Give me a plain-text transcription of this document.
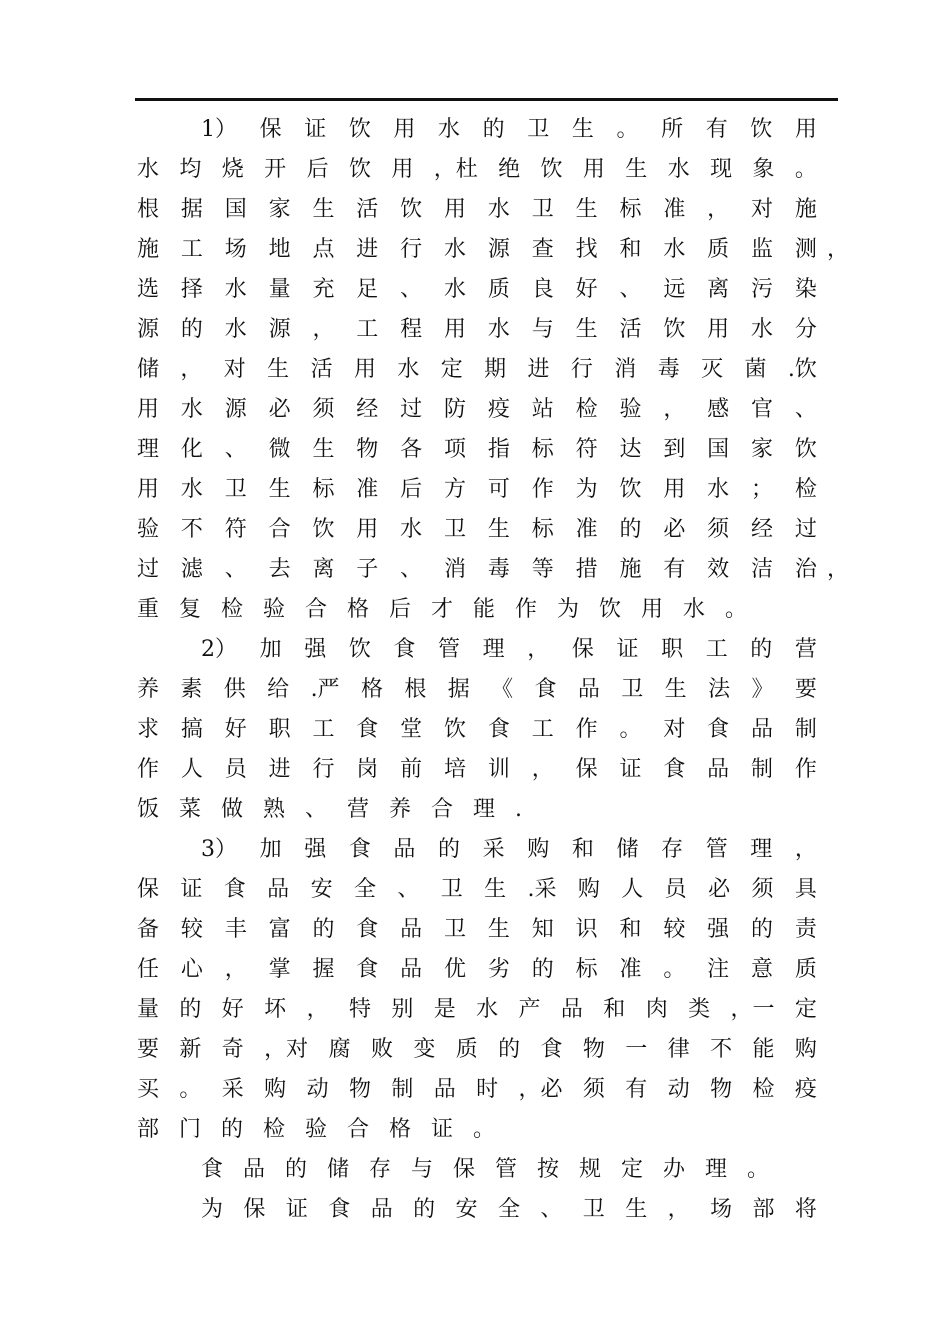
1） 保 证 饮 用 水 的 卫 生 。 所 有 饮 用
水 均 烧 开 后 饮 用 ，杜 绝 饮 用 生 水 现 象 。
根 据 国 家 生 活 饮 用 水 卫 生 标 准 ， 对 施
施 工 场 地 点 进 行 水 源 查 找 和 水 质 监 测 ，
选 择 水 量 充 足 、 水 质 良 好 、 远 离 污 染
源 的 水 源 ， 工 程 用 水 与 生 活 饮 用 水 分
储 ， 对 生 活 用 水 定 期 进 行 消 毒 灭 菌 .饮
用 水 源 必 须 经 过 防 疫 站 检 验 ， 感 官 、
理 化 、 微 生 物 各 项 指 标 符 达 到 国 家 饮
用 水 卫 生 标 准 后 方 可 作 为 饮 用 水 ； 检
验 不 符 合 饮 用 水 卫 生 标 准 的 必 须 经 过
过 滤 、 去 离 子 、 消 毒 等 措 施 有 效 洁 治 ，
重复检验合格后才能作为饮用水。
2） 加 强 饮 食 管 理 ， 保 证 职 工 的 营
养 素 供 给 .严 格 根 据 《 食 品 卫 生 法 》 要
求 搞 好 职 工 食 堂 饮 食 工 作 。 对 食 品 制
作 人 员 进 行 岗 前 培 训 ， 保 证 食 品 制 作
饭菜做熟、营养合理.
3） 加 强 食 品 的 采 购 和 储 存 管 理 ，
保 证 食 品 安 全 、 卫 生 .采 购 人 员 必 须 具
备 较 丰 富 的 食 品 卫 生 知 识 和 较 强 的 责
任 心 ， 掌 握 食 品 优 劣 的 标 准 。 注 意 质
量 的 好 坏 ， 特 别 是 水 产 品 和 肉 类 ，一 定
要 新 奇 ，对 腐 败 变 质 的 食 物 一 律 不 能 购
买 。 采 购 动 物 制 品 时 ，必 须 有 动 物 检 疫
部门的检验合格证。
食品的储存与保管按规定办理。
为 保 证 食 品 的 安 全 、 卫 生 ， 场 部 将
